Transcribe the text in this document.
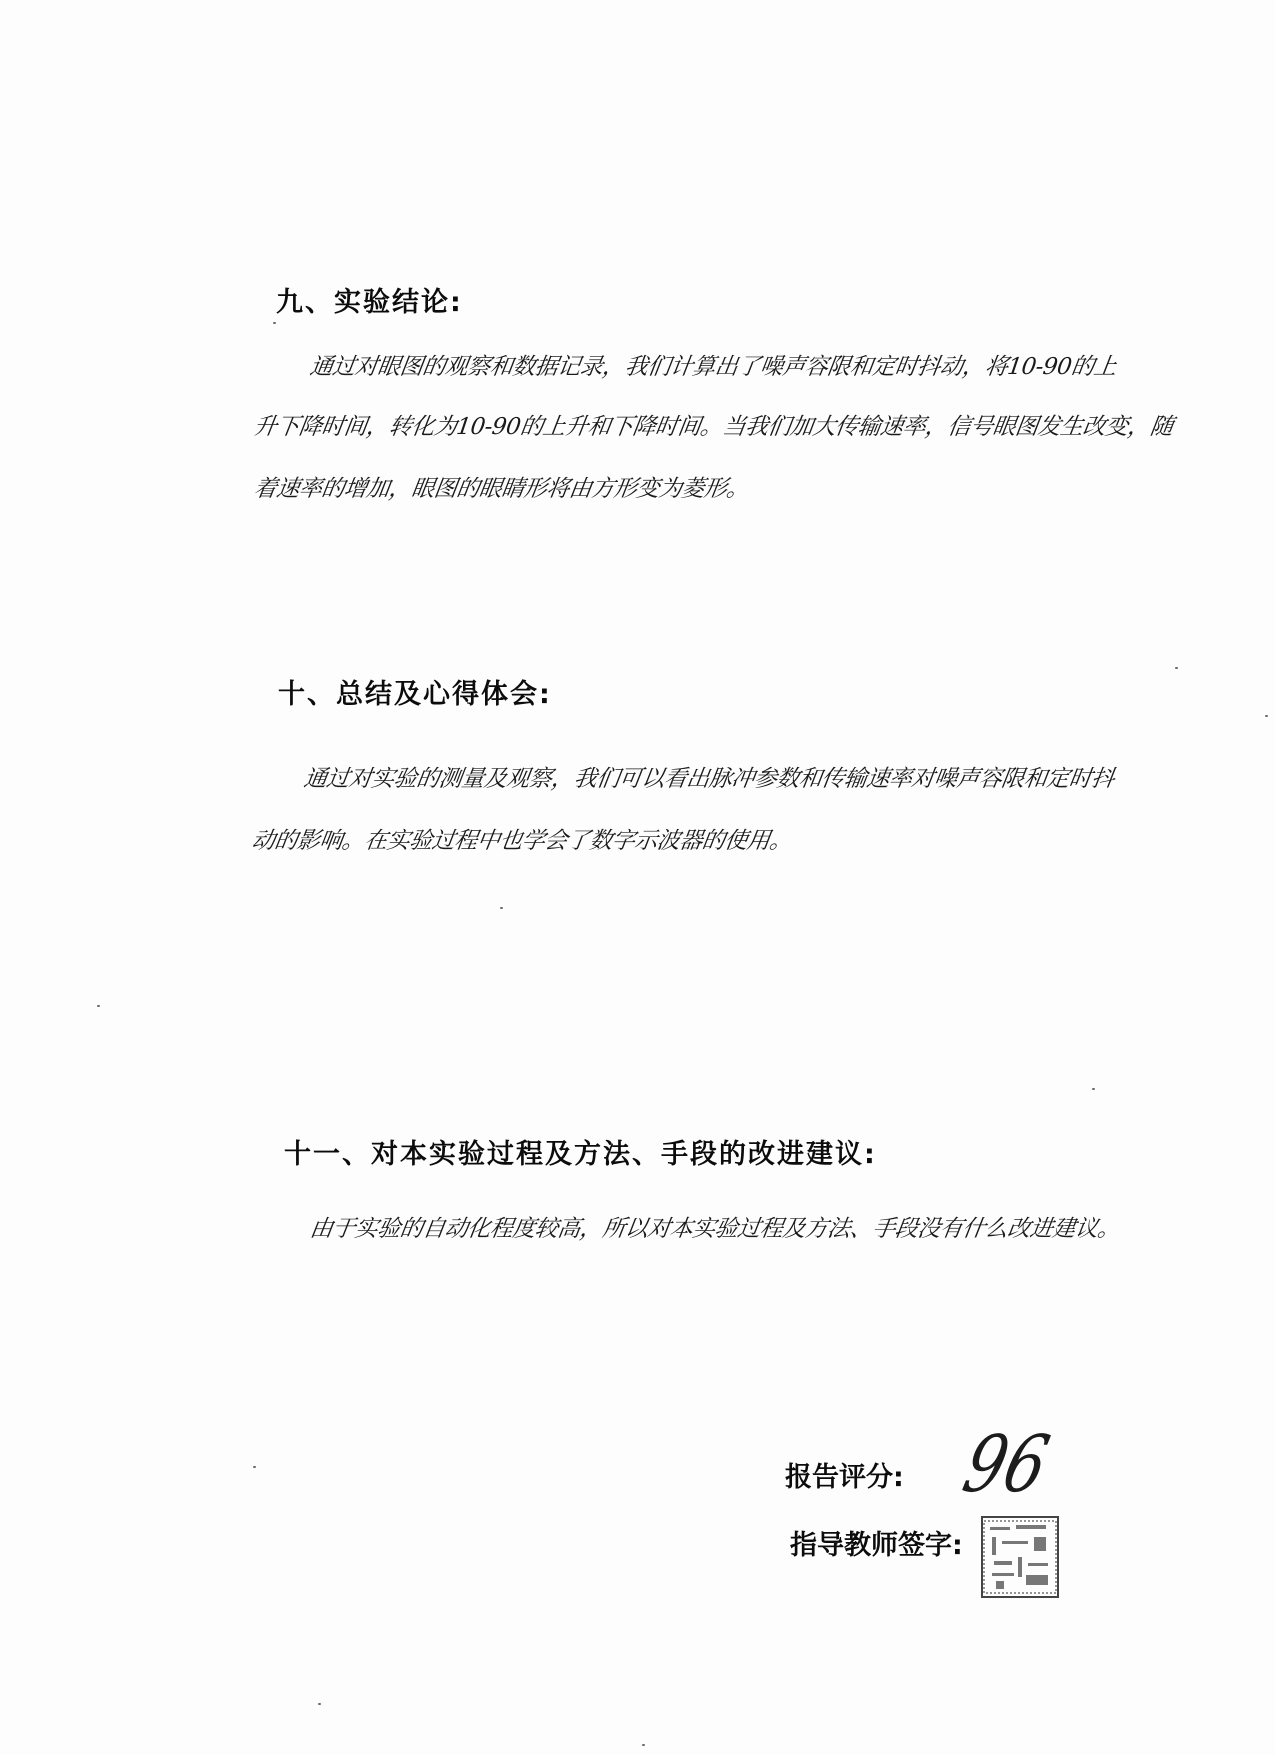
九、实验结论:
通过对眼图的观察和数据记录，我们计算出了噪声容限和定时抖动，将10-90的上
升下降时间，转化为10-90的上升和下降时间。当我们加大传输速率，信号眼图发生改变，随
着速率的增加，眼图的眼睛形将由方形变为菱形。
十、总结及心得体会:
通过对实验的测量及观察，我们可以看出脉冲参数和传输速率对噪声容限和定时抖
动的影响。在实验过程中也学会了数字示波器的使用。
十一、对本实验过程及方法、手段的改进建议:
由于实验的自动化程度较高，所以对本实验过程及方法、手段没有什么改进建议。
报告评分: 96
指导教师签字:
